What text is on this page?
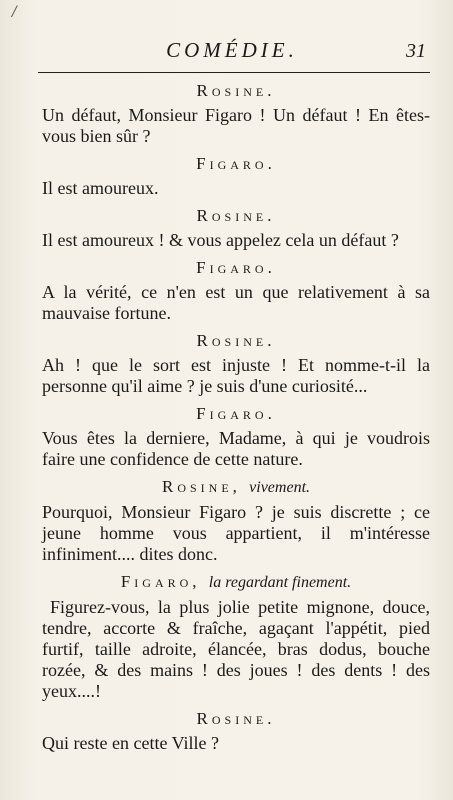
/
COMÉDIE.	31
Rosine.

Un défaut, Monsieur Figaro ! Un défaut ! En êtes-vous bien sûr ?

Figaro.

Il est amoureux.

Rosine.

Il est amoureux ! & vous appelez cela un défaut ?

Figaro.

A la vérité, ce n'en est un que relativement à sa mauvaise fortune.

Rosine.

Ah ! que le sort est injuste ! Et nomme-t-il la personne qu'il aime ? je suis d'une curiosité...

Figaro.

Vous êtes la derniere, Madame, à qui je voudrois faire une confidence de cette nature.

Rosine, vivement.

Pourquoi, Monsieur Figaro ? je suis discrette ; ce jeune homme vous appartient, il m'intéresse infiniment.... dites donc.

Figaro, la regardant finement.

Figurez-vous, la plus jolie petite mignone, douce, tendre, accorte & fraîche, agaçant l'appétit, pied furtif, taille adroite, élancée, bras dodus, bouche rozée, & des mains ! des joues ! des dents ! des yeux....!

Rosine.

Qui reste en cette Ville ?
